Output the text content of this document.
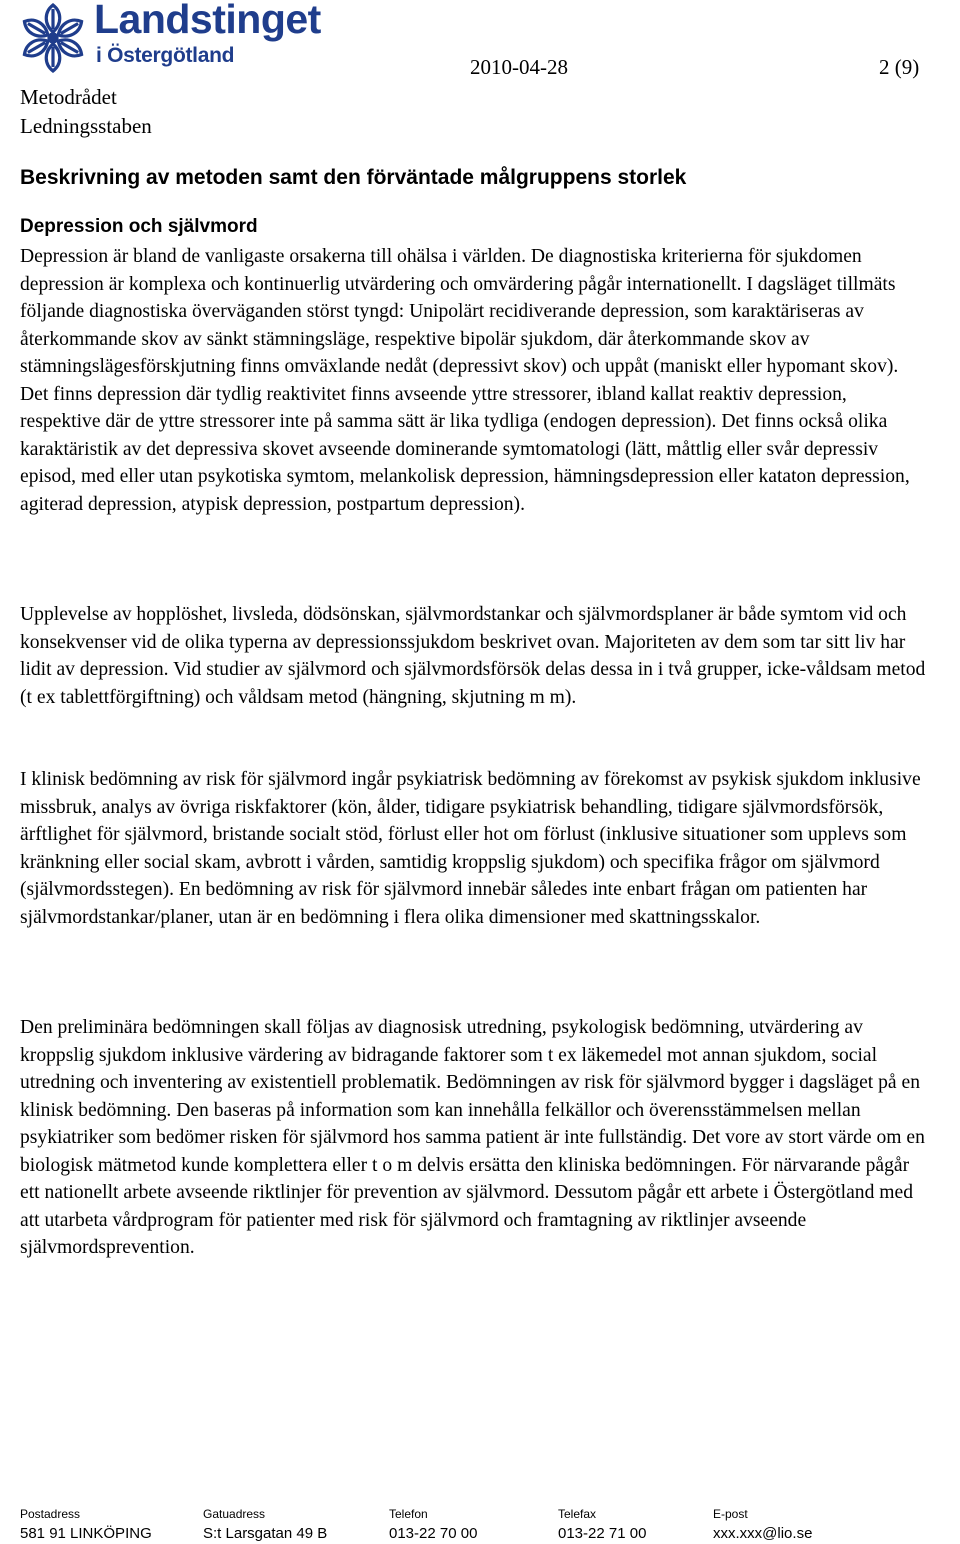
Landstinget
i Östergötland
Metodrådet
Ledningsstaben
2010-04-28	2 (9)
Beskrivning av metoden samt den förväntade målgruppens storlek
Depression och självmord

Depression är bland de vanligaste orsakerna till ohälsa i världen. De diagnostiska kriterierna för sjukdomen depression är komplexa och kontinuerlig utvärdering och omvärdering pågår internationellt. I dagsläget tillmäts följande diagnostiska överväganden störst tyngd: Unipolärt recidiverande depression, som karaktäriseras av återkommande skov av sänkt stämningsläge, respektive bipolär sjukdom, där återkommande skov av stämningslägesförskjutning finns omväxlande nedåt (depressivt skov) och uppåt (maniskt eller hypomant skov). Det finns depression där tydlig reaktivitet finns avseende yttre stressorer, ibland kallat reaktiv depression, respektive där de yttre stressorer inte på samma sätt är lika tydliga (endogen depression). Det finns också olika karaktäristik av det depressiva skovet avseende dominerande symtomatologi (lätt, måttlig eller svår depressiv episod, med eller utan psykotiska symtom, melankolisk depression, hämningsdepression eller kataton depression, agiterad depression, atypisk depression, postpartum depression).

Upplevelse av hopplöshet, livsleda, dödsönskan, självmordstankar och självmordsplaner är både symtom vid och konsekvenser vid de olika typerna av depressionssjukdom beskrivet ovan. Majoriteten av dem som tar sitt liv har lidit av depression. Vid studier av självmord och självmordsförsök delas dessa in i två grupper, icke-våldsam metod (t ex tablettförgiftning) och våldsam metod (hängning, skjutning m m).

I klinisk bedömning av risk för självmord ingår psykiatrisk bedömning av förekomst av psykisk sjukdom inklusive missbruk, analys av övriga riskfaktorer (kön, ålder, tidigare psykiatrisk behandling, tidigare självmordsförsök, ärftlighet för självmord, bristande socialt stöd, förlust eller hot om förlust (inklusive situationer som upplevs som kränkning eller social skam, avbrott i vården, samtidig kroppslig sjukdom) och specifika frågor om självmord (självmordsstegen). En bedömning av risk för självmord innebär således inte enbart frågan om patienten har självmordstankar/planer, utan är en bedömning i flera olika dimensioner med skattningsskalor.

Den preliminära bedömningen skall följas av diagnosisk utredning, psykologisk bedömning, utvärdering av kroppslig sjukdom inklusive värdering av bidragande faktorer som t ex läkemedel mot annan sjukdom, social utredning och inventering av existentiell problematik. Bedömningen av risk för självmord bygger i dagsläget på en klinisk bedömning. Den baseras på information som kan innehålla felkällor och överensstämmelsen mellan psykiatriker som bedömer risken för självmord hos samma patient är inte fullständig. Det vore av stort värde om en biologisk mätmetod kunde komplettera eller t o m delvis ersätta den kliniska bedömningen. För närvarande pågår ett nationellt arbete avseende riktlinjer för prevention av självmord. Dessutom pågår ett arbete i Östergötland med att utarbeta vårdprogram för patienter med risk för självmord och framtagning av riktlinjer avseende självmordsprevention.

Postadress
581 91 LINKÖPING
Gatuadress
S:t Larsgatan 49 B
Telefon
013-22 70 00
Telefax
013-22 71 00
E-post
xxx.xxx@lio.se
